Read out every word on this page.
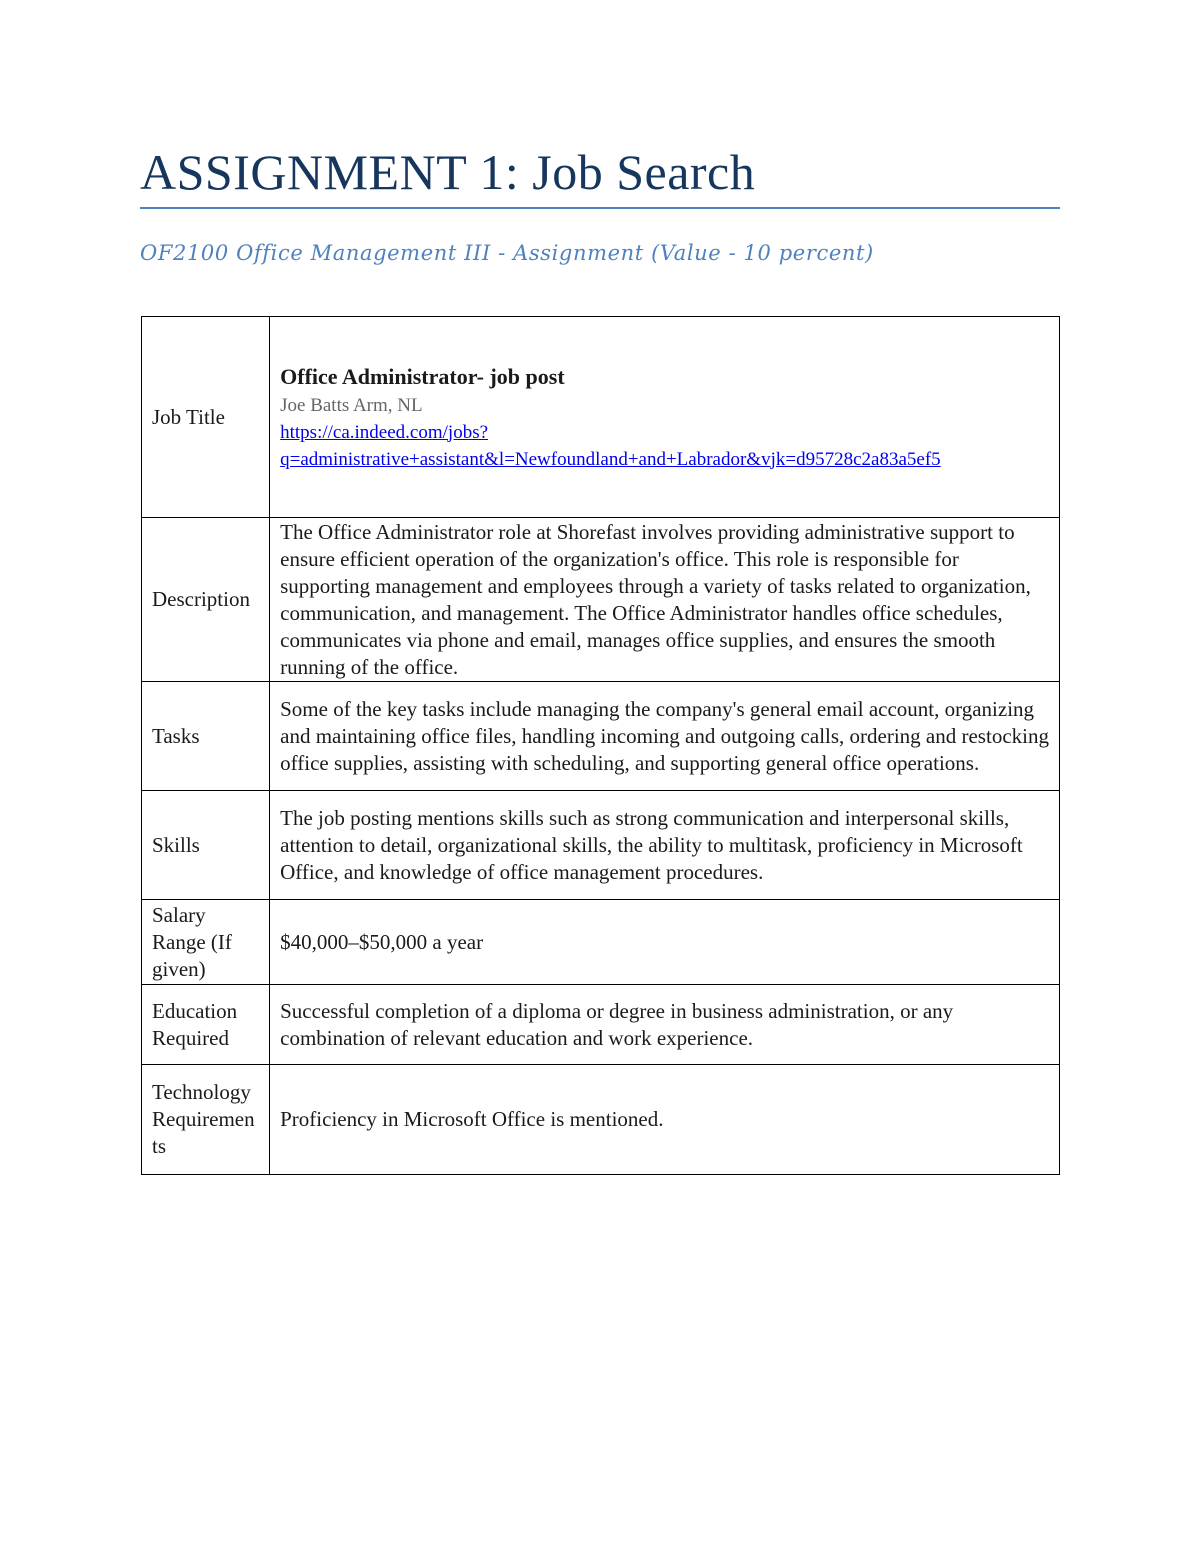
ASSIGNMENT 1: Job Search

OF2100 Office Management III - Assignment (Value - 10 percent)

Job Title	Office Administrator- job post
Joe Batts Arm, NL
https://ca.indeed.com/jobs?
q=administrative+assistant&l=Newfoundland+and+Labrador&vjk=d95728c2a83a5ef5

Description	The Office Administrator role at Shorefast involves providing administrative support to ensure efficient operation of the organization's office. This role is responsible for supporting management and employees through a variety of tasks related to organization, communication, and management. The Office Administrator handles office schedules, communicates via phone and email, manages office supplies, and ensures the smooth running of the office.
Tasks	Some of the key tasks include managing the company's general email account, organizing and maintaining office files, handling incoming and outgoing calls, ordering and restocking office supplies, assisting with scheduling, and supporting general office operations.
Skills	The job posting mentions skills such as strong communication and interpersonal skills, attention to detail, organizational skills, the ability to multitask, proficiency in Microsoft Office, and knowledge of office management procedures.
Salary Range (If given)	$40,000–$50,000 a year
Education Required	Successful completion of a diploma or degree in business administration, or any combination of relevant education and work experience.
Technology Requirements	Proficiency in Microsoft Office is mentioned.
